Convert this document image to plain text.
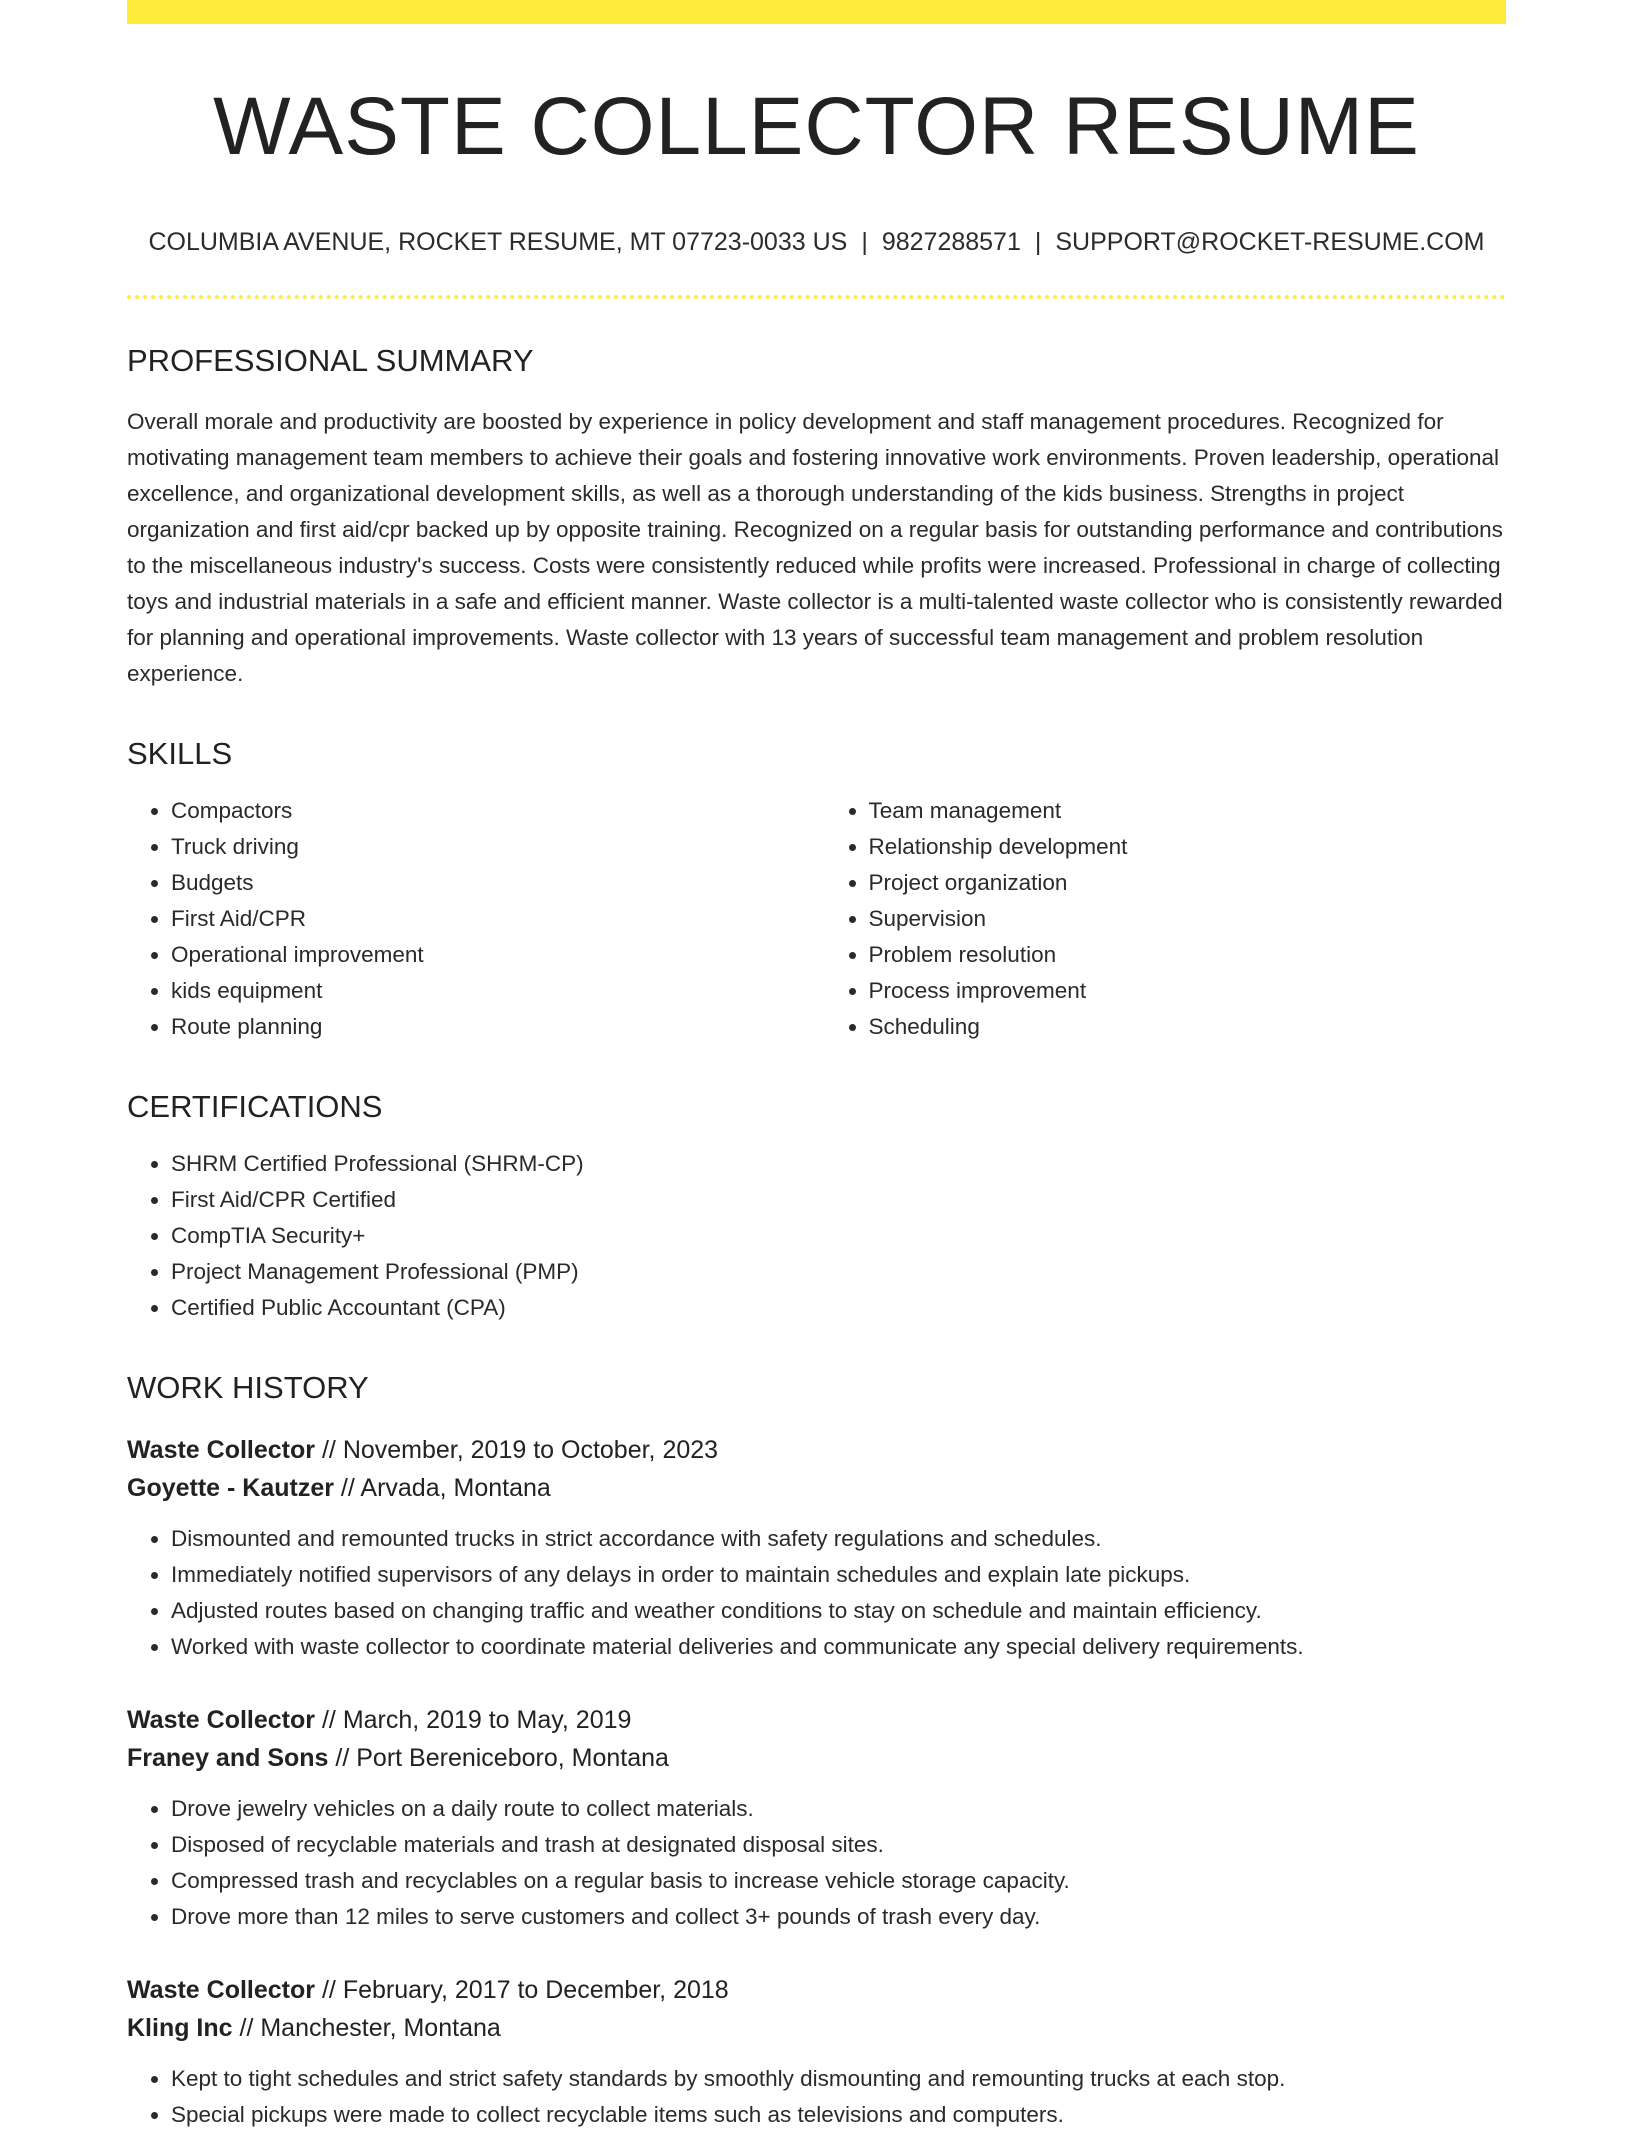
WASTE COLLECTOR RESUME
COLUMBIA AVENUE, ROCKET RESUME, MT 07723-0033 US | 9827288571 | SUPPORT@ROCKET-RESUME.COM
PROFESSIONAL SUMMARY
Overall morale and productivity are boosted by experience in policy development and staff management procedures. Recognized for motivating management team members to achieve their goals and fostering innovative work environments. Proven leadership, operational excellence, and organizational development skills, as well as a thorough understanding of the kids business. Strengths in project organization and first aid/cpr backed up by opposite training. Recognized on a regular basis for outstanding performance and contributions to the miscellaneous industry's success. Costs were consistently reduced while profits were increased. Professional in charge of collecting toys and industrial materials in a safe and efficient manner. Waste collector is a multi-talented waste collector who is consistently rewarded for planning and operational improvements. Waste collector with 13 years of successful team management and problem resolution experience.
SKILLS
• Compactors
• Truck driving
• Budgets
• First Aid/CPR
• Operational improvement
• kids equipment
• Route planning
• Team management
• Relationship development
• Project organization
• Supervision
• Problem resolution
• Process improvement
• Scheduling
CERTIFICATIONS
• SHRM Certified Professional (SHRM-CP)
• First Aid/CPR Certified
• CompTIA Security+
• Project Management Professional (PMP)
• Certified Public Accountant (CPA)
WORK HISTORY
Waste Collector // November, 2019 to October, 2023
Goyette - Kautzer // Arvada, Montana
• Dismounted and remounted trucks in strict accordance with safety regulations and schedules.
• Immediately notified supervisors of any delays in order to maintain schedules and explain late pickups.
• Adjusted routes based on changing traffic and weather conditions to stay on schedule and maintain efficiency.
• Worked with waste collector to coordinate material deliveries and communicate any special delivery requirements.
Waste Collector // March, 2019 to May, 2019
Franey and Sons // Port Bereniceboro, Montana
• Drove jewelry vehicles on a daily route to collect materials.
• Disposed of recyclable materials and trash at designated disposal sites.
• Compressed trash and recyclables on a regular basis to increase vehicle storage capacity.
• Drove more than 12 miles to serve customers and collect 3+ pounds of trash every day.
Waste Collector // February, 2017 to December, 2018
Kling Inc // Manchester, Montana
• Kept to tight schedules and strict safety standards by smoothly dismounting and remounting trucks at each stop.
• Special pickups were made to collect recyclable items such as televisions and computers.
